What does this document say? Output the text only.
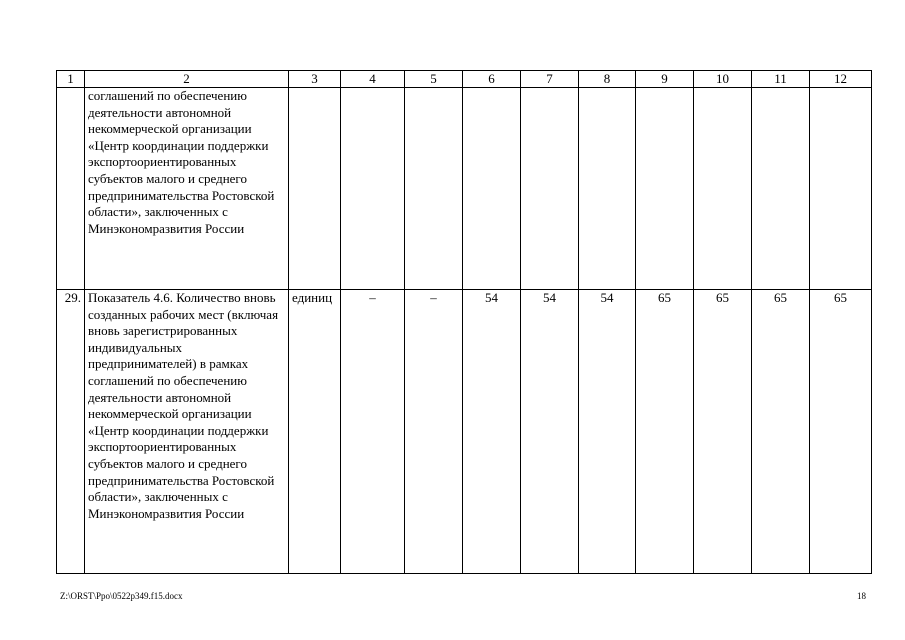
1	2	3	4	5	6	7	8	9	10	11	12
	соглашений по обеспечению деятельности автономной некоммерческой организации «Центр координации поддержки экспортоориентированных субъектов малого и среднего предпринимательства Ростовской области», заключенных с Минэкономразвития России										
29.	Показатель 4.6. Количество вновь созданных рабочих мест (включая вновь зарегистрированных индивидуальных предпринимателей) в рамках соглашений по обеспечению деятельности автономной некоммерческой организации «Центр координации поддержки экспортоориентированных субъектов малого и среднего предпринимательства Ростовской области», заключенных с Минэкономразвития России	единиц	–	–	54	54	54	65	65	65	65
Z:\ORST\Ppo\0522p349.f15.docx	18
